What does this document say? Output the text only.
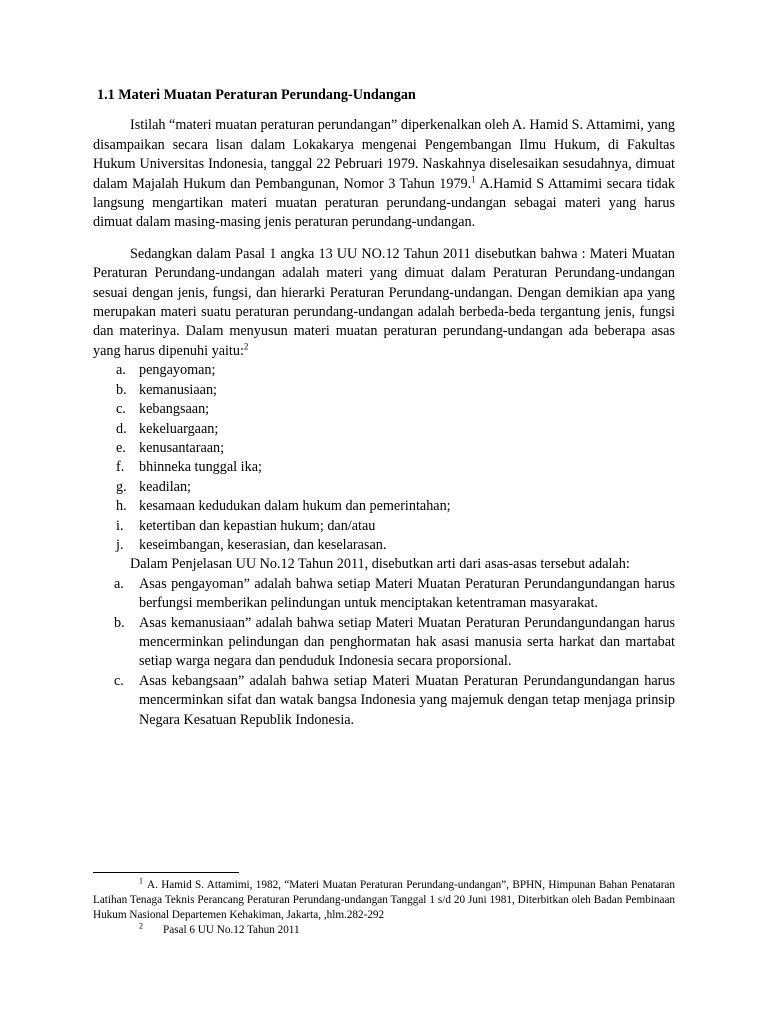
1.1 Materi Muatan Peraturan Perundang-Undangan

Istilah “materi muatan peraturan perundangan” diperkenalkan oleh A. Hamid S. Attamimi, yang disampaikan secara lisan dalam Lokakarya mengenai Pengembangan Ilmu Hukum, di Fakultas Hukum Universitas Indonesia, tanggal 22 Pebruari 1979. Naskahnya diselesaikan sesudahnya, dimuat dalam Majalah Hukum dan Pembangunan, Nomor 3 Tahun 1979.$^1$ A.Hamid S Attamimi secara tidak langsung mengartikan materi muatan peraturan perundang-undangan sebagai materi yang harus dimuat dalam masing-masing jenis peraturan perundang-undangan.

Sedangkan dalam Pasal 1 angka 13 UU NO.12 Tahun 2011 disebutkan bahwa : Materi Muatan Peraturan Perundang-undangan adalah materi yang dimuat dalam Peraturan Perundang-undangan sesuai dengan jenis, fungsi, dan hierarki Peraturan Perundang-undangan. Dengan demikian apa yang merupakan materi suatu peraturan perundang-undangan adalah berbeda-beda tergantung jenis, fungsi dan materinya. Dalam menyusun materi muatan peraturan perundang-undangan ada beberapa asas yang harus dipenuhi yaitu:$^2$

a. pengayoman;
b. kemanusiaan;
c. kebangsaan;
d. kekeluargaan;
e. kenusantaraan;
f. bhinneka tunggal ika;
g. keadilan;
h. kesamaan kedudukan dalam hukum dan pemerintahan;
i. ketertiban dan kepastian hukum; dan/atau
j. keseimbangan, keserasian, dan keselarasan.

Dalam Penjelasan UU No.12 Tahun 2011, disebutkan arti dari asas-asas tersebut adalah:

a. Asas pengayoman” adalah bahwa setiap Materi Muatan Peraturan Perundangundangan harus berfungsi memberikan pelindungan untuk menciptakan ketentraman masyarakat.
b. Asas kemanusiaan” adalah bahwa setiap Materi Muatan Peraturan Perundangundangan harus mencerminkan pelindungan dan penghormatan hak asasi manusia serta harkat dan martabat setiap warga negara dan penduduk Indonesia secara proporsional.
c. Asas kebangsaan” adalah bahwa setiap Materi Muatan Peraturan Perundangundangan harus mencerminkan sifat dan watak bangsa Indonesia yang majemuk dengan tetap menjaga prinsip Negara Kesatuan Republik Indonesia.

$^1$ A. Hamid S. Attamimi, 1982, “Materi Muatan Peraturan Perundang-undangan”, BPHN, Himpunan Bahan Penataran Latihan Tenaga Teknis Perancang Peraturan Perundang-undangan Tanggal 1 s/d 20 Juni 1981, Diterbitkan oleh Badan Pembinaan Hukum Nasional Departemen Kehakiman, Jakarta, ,hlm.282-292

$^2$ Pasal 6 UU No.12 Tahun 2011
